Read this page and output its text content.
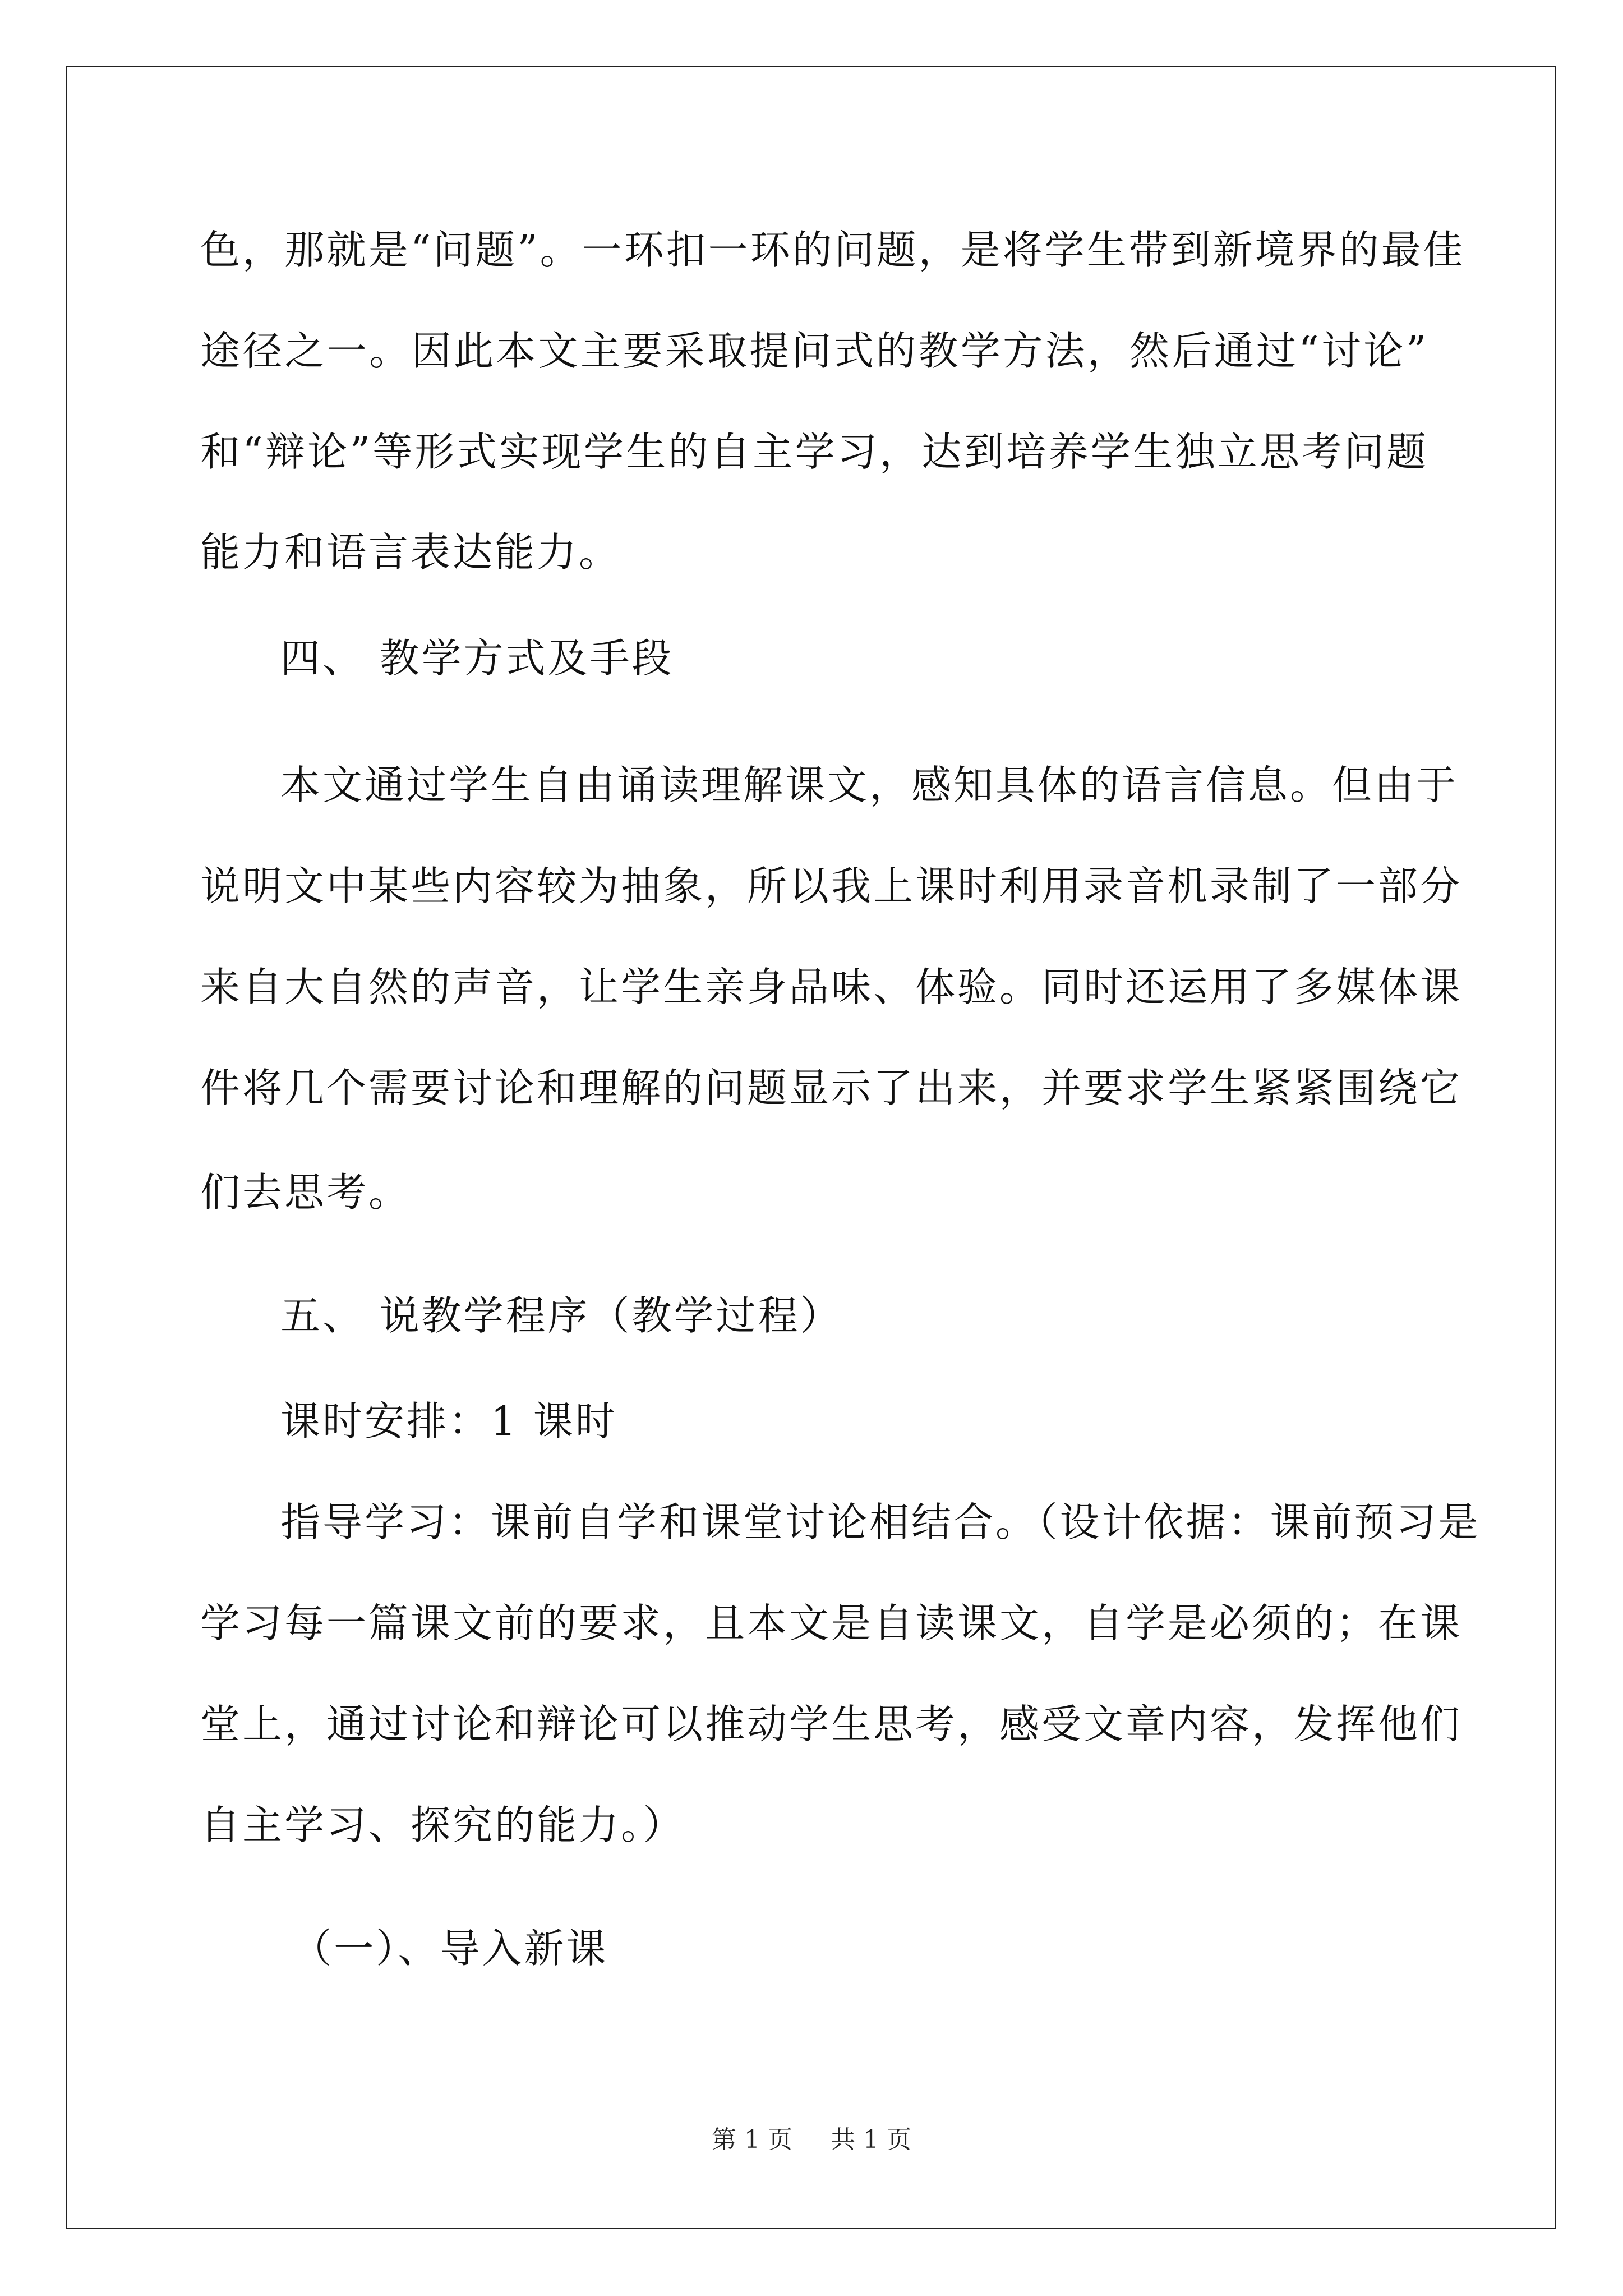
色，那就是“问题”。一环扣一环的问题，是将学生带到新境界的最佳
途径之一。因此本文主要采取提问式的教学方法，然后通过“讨论”
和“辩论”等形式实现学生的自主学习，达到培养学生独立思考问题
能力和语言表达能力。
四、 教学方式及手段
本文通过学生自由诵读理解课文，感知具体的语言信息。但由于
说明文中某些内容较为抽象，所以我上课时利用录音机录制了一部分
来自大自然的声音，让学生亲身品味、体验。同时还运用了多媒体课
件将几个需要讨论和理解的问题显示了出来，并要求学生紧紧围绕它
们去思考。
五、 说教学程序（教学过程）
课时安排：1 课时
指导学习：课前自学和课堂讨论相结合。（设计依据：课前预习是
学习每一篇课文前的要求，且本文是自读课文，自学是必须的；在课
堂上，通过讨论和辩论可以推动学生思考，感受文章内容，发挥他们
自主学习、探究的能力。）
（一）、导入新课
第 1 页 共 1 页
